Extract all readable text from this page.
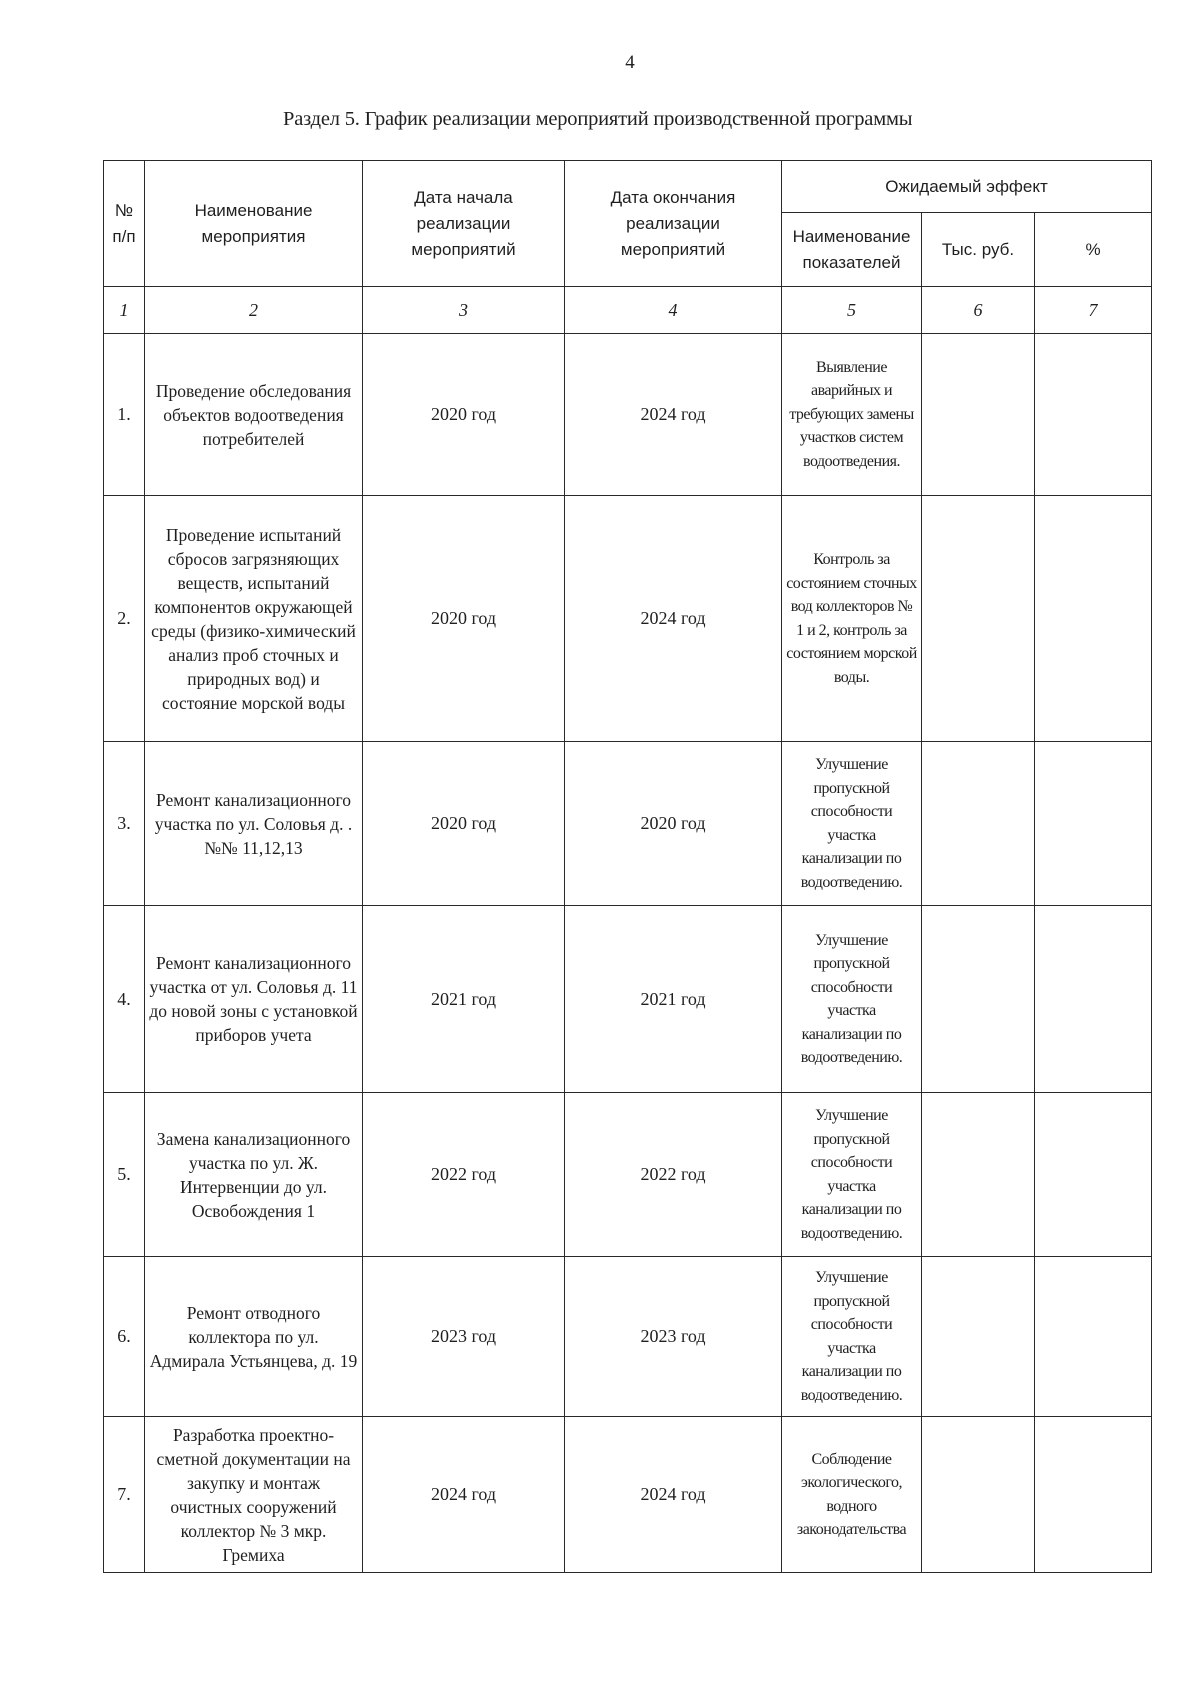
4
Раздел 5. График реализации мероприятий производственной программы
№ п/п	Наименование мероприятия	Дата начала реализации мероприятий	Дата окончания реализации мероприятий	Ожидаемый эффект		
				Наименование показателей	Тыс. руб.	%
1	2	3	4	5	6	7
1.	Проведение обследования объектов водоотведения потребителей	2020 год	2024 год	Выявление аварийных и требующих замены участков систем водоотведения.		
2.	Проведение испытаний сбросов загрязняющих веществ, испытаний компонентов окружающей среды (физико-химический анализ проб сточных и природных вод) и состояние морской воды	2020 год	2024 год	Контроль за состоянием сточных вод коллекторов № 1 и 2, контроль за состоянием морской воды.		
3.	Ремонт канализационного участка по ул. Соловья д. .№№ 11,12,13	2020 год	2020 год	Улучшение пропускной способности участка канализации по водоотведению.		
4.	Ремонт канализационного участка от ул. Соловья д. 11 до новой зоны с установкой приборов учета	2021 год	2021 год	Улучшение пропускной способности участка канализации по водоотведению.		
5.	Замена канализационного участка по ул. Ж. Интервенции до ул. Освобождения 1	2022 год	2022 год	Улучшение пропускной способности участка канализации по водоотведению.		
6.	Ремонт отводного коллектора по ул. Адмирала Устьянцева, д. 19	2023 год	2023 год	Улучшение пропускной способности участка канализации по водоотведению.		
7.	Разработка проектно-сметной документации на закупку и монтаж очистных сооружений коллектор № 3 мкр. Гремиха	2024 год	2024 год	Соблюдение экологического, водного законодательства		
